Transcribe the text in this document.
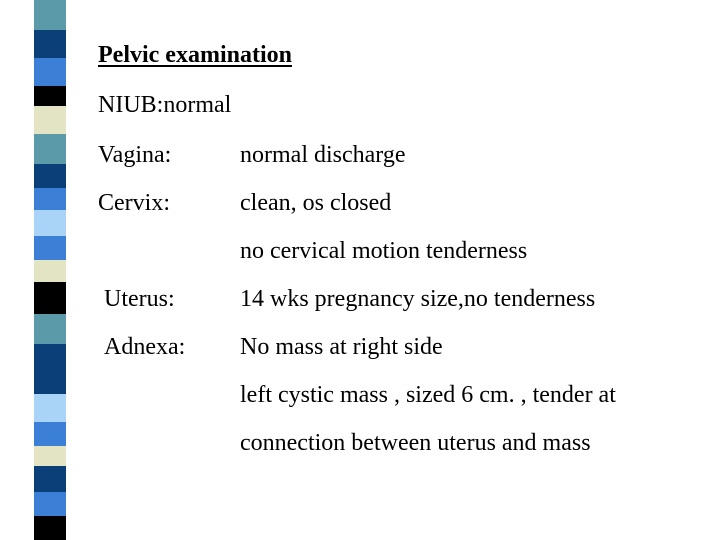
Pelvic examination
NIUB:normal
Vagina:	normal discharge
Cervix:	clean, os closed
no cervical motion tenderness
Uterus:	14 wks pregnancy size,no tenderness
Adnexa: No mass at right side
left cystic mass , sized 6 cm. , tender at
connection between uterus and mass
